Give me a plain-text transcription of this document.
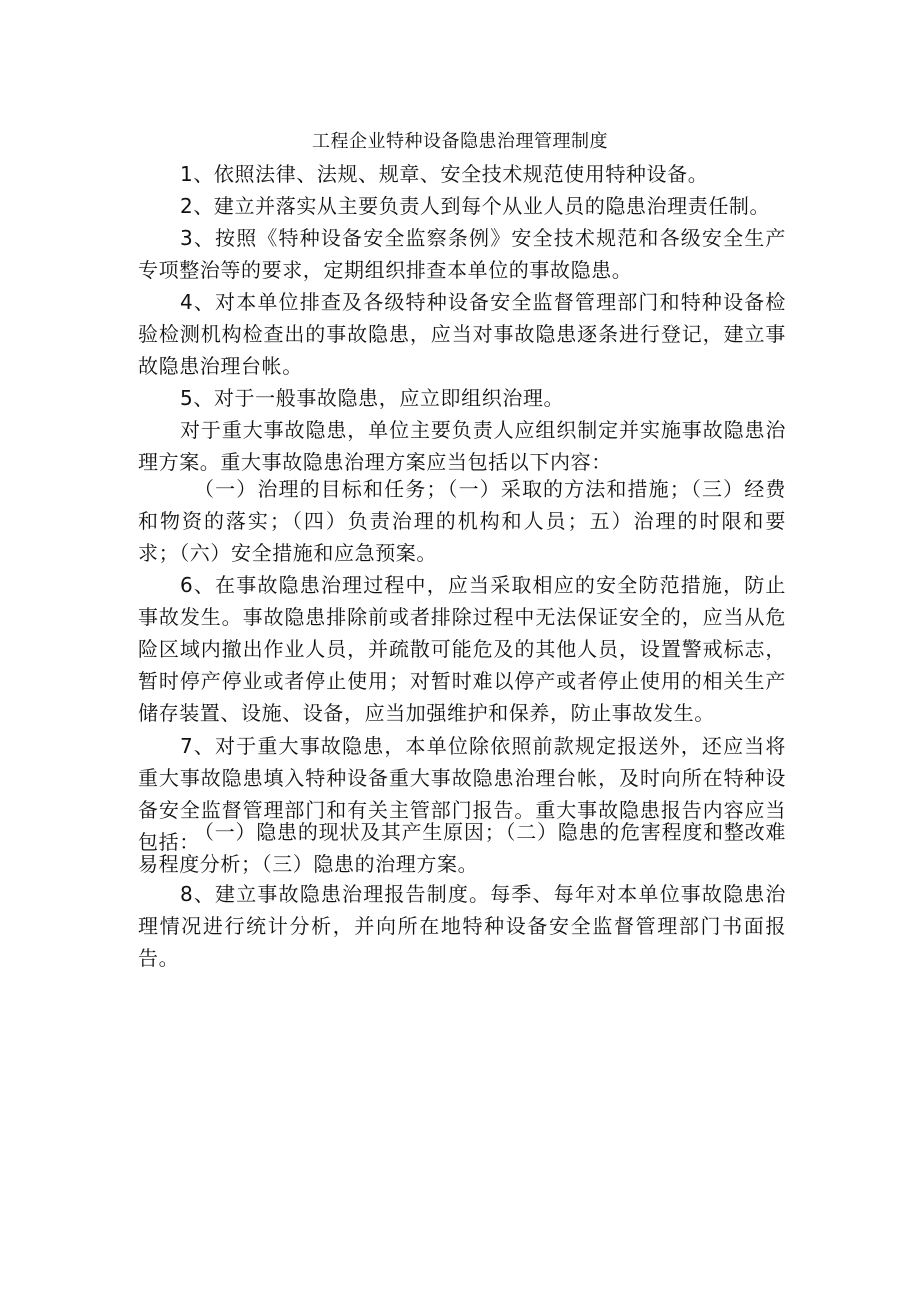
工程企业特种设备隐患治理管理制度

1、依照法律、法规、规章、安全技术规范使用特种设备。

2、建立并落实从主要负责人到每个从业人员的隐患治理责任制。

3、按照《特种设备安全监察条例》安全技术规范和各级安全生产专项整治等的要求，定期组织排查本单位的事故隐患。

4、对本单位排查及各级特种设备安全监督管理部门和特种设备检验检测机构检查出的事故隐患，应当对事故隐患逐条进行登记，建立事故隐患治理台帐。

5、对于一般事故隐患，应立即组织治理。

对于重大事故隐患，单位主要负责人应组织制定并实施事故隐患治理方案。重大事故隐患治理方案应当包括以下内容：

（一）治理的目标和任务；（一）采取的方法和措施；（三）经费和物资的落实；（四）负责治理的机构和人员；五）治理的时限和要求；（六）安全措施和应急预案。

6、在事故隐患治理过程中，应当采取相应的安全防范措施，防止事故发生。事故隐患排除前或者排除过程中无法保证安全的，应当从危险区域内撤出作业人员，并疏散可能危及的其他人员，设置警戒标志，暂时停产停业或者停止使用；对暂时难以停产或者停止使用的相关生产储存装置、设施、设备，应当加强维护和保养，防止事故发生。

7、对于重大事故隐患，本单位除依照前款规定报送外，还应当将重大事故隐患填入特种设备重大事故隐患治理台帐，及时向所在特种设备安全监督管理部门和有关主管部门报告。重大事故隐患报告内容应当包括：

（一）隐患的现状及其产生原因；（二）隐患的危害程度和整改难易程度分析；（三）隐患的治理方案。

8、建立事故隐患治理报告制度。每季、每年对本单位事故隐患治理情况进行统计分析，并向所在地特种设备安全监督管理部门书面报告。
